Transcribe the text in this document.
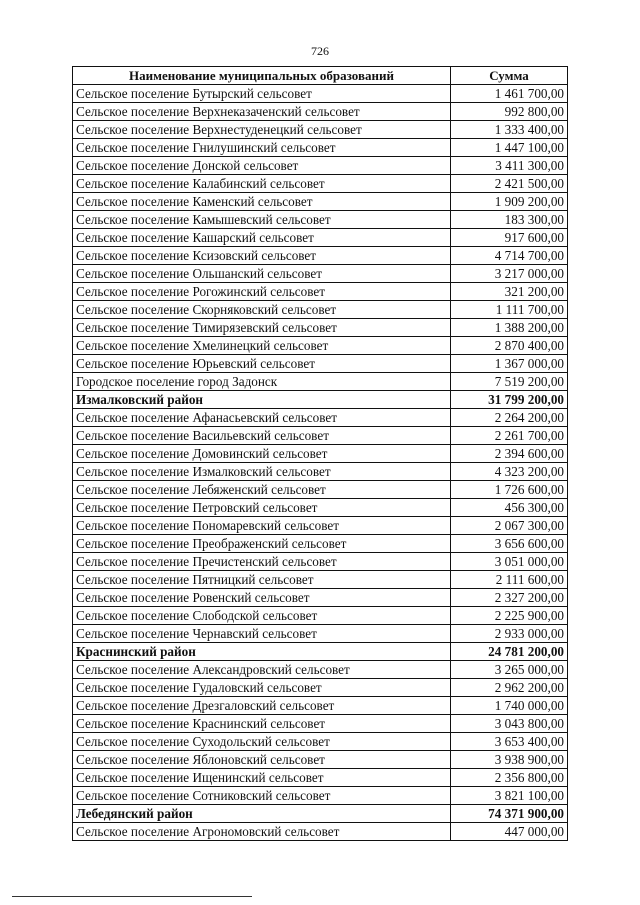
726
Наименование муниципальных образований	Сумма
Сельское поселение Бутырский сельсовет	1 461 700,00
Сельское поселение Верхнеказаченский сельсовет	992 800,00
Сельское поселение Верхнестуденецкий сельсовет	1 333 400,00
Сельское поселение Гнилушинский сельсовет	1 447 100,00
Сельское поселение Донской сельсовет	3 411 300,00
Сельское поселение Калабинский сельсовет	2 421 500,00
Сельское поселение Каменский сельсовет	1 909 200,00
Сельское поселение Камышевский сельсовет	183 300,00
Сельское поселение Кашарский сельсовет	917 600,00
Сельское поселение Ксизовский сельсовет	4 714 700,00
Сельское поселение Ольшанский сельсовет	3 217 000,00
Сельское поселение Рогожинский сельсовет	321 200,00
Сельское поселение Скорняковский сельсовет	1 111 700,00
Сельское поселение Тимирязевский сельсовет	1 388 200,00
Сельское поселение Хмелинецкий сельсовет	2 870 400,00
Сельское поселение Юрьевский сельсовет	1 367 000,00
Городское поселение город Задонск	7 519 200,00
Измалковский район	31 799 200,00
Сельское поселение Афанасьевский сельсовет	2 264 200,00
Сельское поселение Васильевский сельсовет	2 261 700,00
Сельское поселение Домовинский сельсовет	2 394 600,00
Сельское поселение Измалковский сельсовет	4 323 200,00
Сельское поселение Лебяженский сельсовет	1 726 600,00
Сельское поселение Петровский сельсовет	456 300,00
Сельское поселение Пономаревский сельсовет	2 067 300,00
Сельское поселение Преображенский сельсовет	3 656 600,00
Сельское поселение Пречистенский сельсовет	3 051 000,00
Сельское поселение Пятницкий сельсовет	2 111 600,00
Сельское поселение Ровенский сельсовет	2 327 200,00
Сельское поселение Слободской сельсовет	2 225 900,00
Сельское поселение Чернавский сельсовет	2 933 000,00
Краснинский район	24 781 200,00
Сельское поселение Александровский сельсовет	3 265 000,00
Сельское поселение Гудаловский сельсовет	2 962 200,00
Сельское поселение Дрезгаловский сельсовет	1 740 000,00
Сельское поселение Краснинский сельсовет	3 043 800,00
Сельское поселение Суходольский сельсовет	3 653 400,00
Сельское поселение Яблоновский сельсовет	3 938 900,00
Сельское поселение Ищенинский сельсовет	2 356 800,00
Сельское поселение Сотниковский сельсовет	3 821 100,00
Лебедянский район	74 371 900,00
Сельское поселение Агрономовский сельсовет	447 000,00
